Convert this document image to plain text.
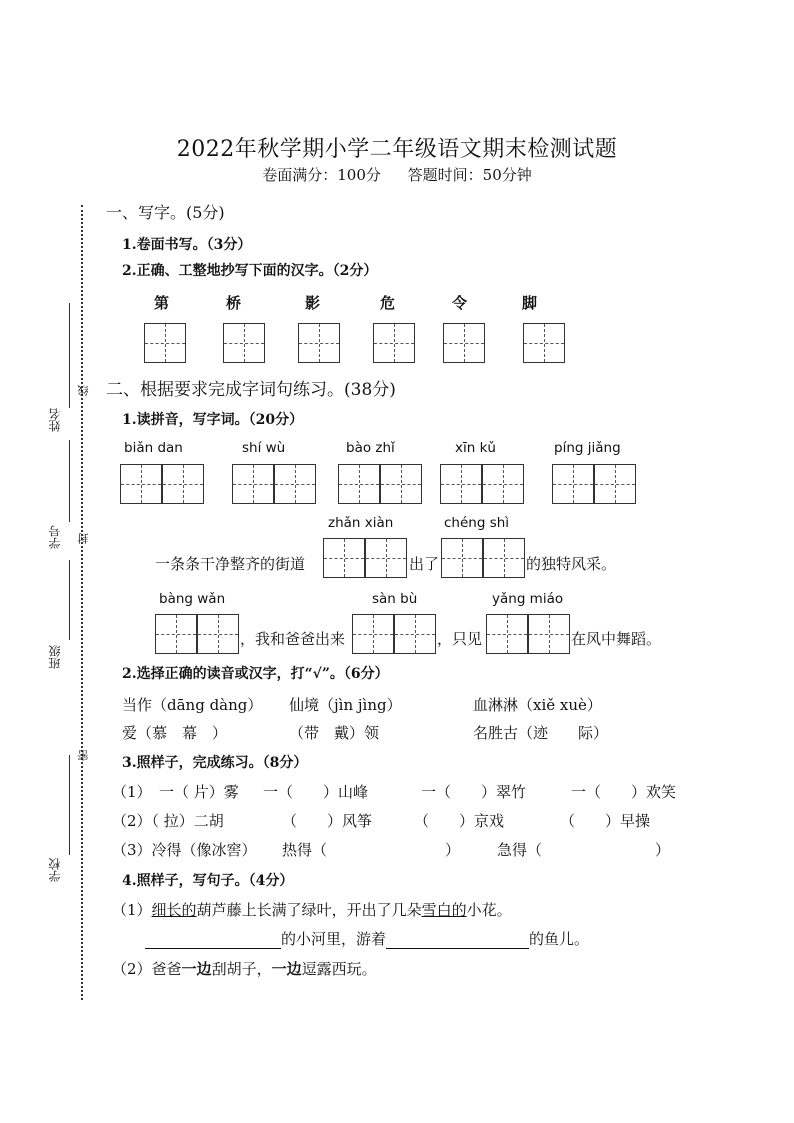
2022年秋学期小学二年级语文期末检测试题
卷面满分：100分 答题时间：50分钟
姓名
线
学号 封
班级
密
学校
一、写字。(5分)
1.卷面书写。（3分）
2.正确、工整地抄写下面的汉字。（2分）
第	桥	影	危	令	脚
二、根据要求完成字词句练习。(38分)
1.读拼音，写字词。（20分）
biǎn dan	shí wù	bào zhǐ	xīn kǔ	píng jiǎng
zhǎn xiàn	chéng shì
一条条干净整齐的街道	出了	的独特风采。
bàng wǎn	sàn bù	yǎng miáo
，我和爸爸出来	，只见	在风中舞蹈。
2.选择正确的读音或汉字，打“√”。（6分）
当作（dāng dàng） 仙境（jìn jìng）	血淋淋（xiě xuè）
爱（慕　幕　）	（带　戴）领	名胜古（迹　　际）
3.照样子，完成练习。（8分）
（1）　一（ 片）雾 一（　　）山峰	一（　　）翠竹	一（　　）欢笑
（2）（ 拉）二胡	（　　）风筝	（　　）京戏	（　　）早操
（3）冷得（像冰窖） 热得（	） 急得（	）
4.照样子，写句子。（4分）
（1）细长的葫芦藤上长满了绿叶，开出了几朵雪白的小花。
的小河里，游着	的鱼儿。
（2）爸爸一边刮胡子，一边逗露西玩。
